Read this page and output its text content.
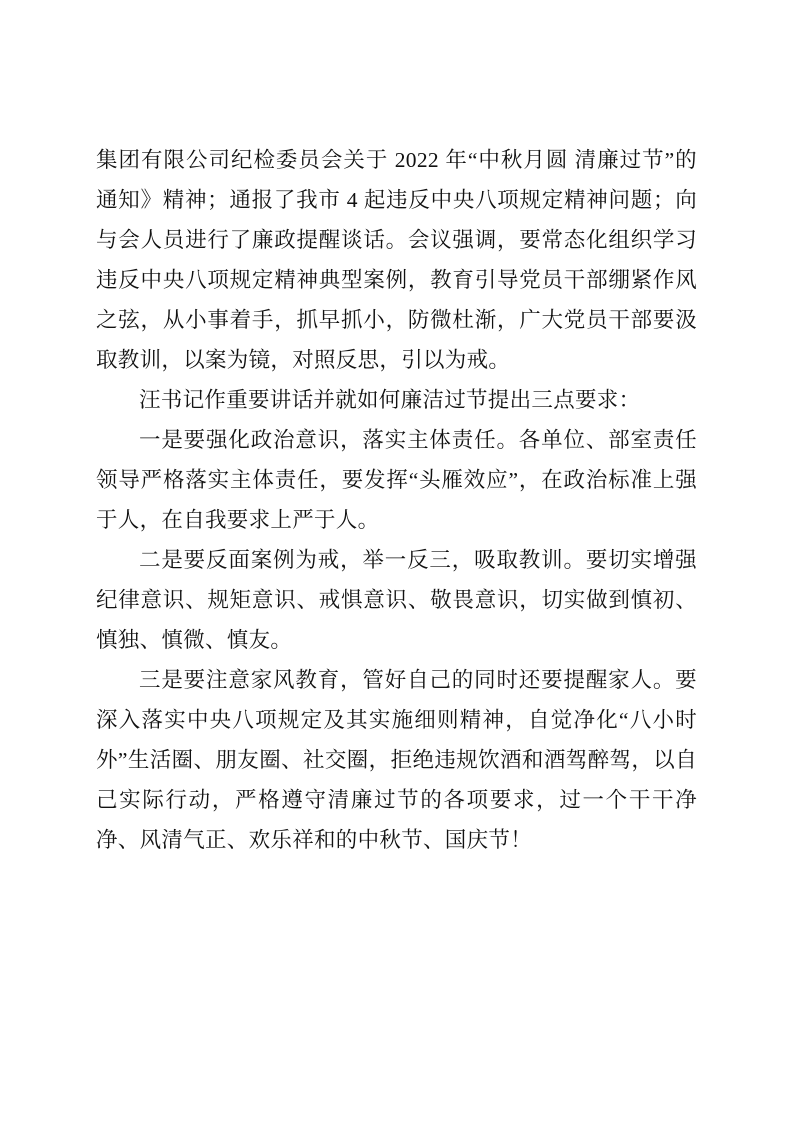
集团有限公司纪检委员会关于 2022 年“中秋月圆 清廉过节”的通知》精神；通报了我市 4 起违反中央八项规定精神问题；向与会人员进行了廉政提醒谈话。会议强调，要常态化组织学习违反中央八项规定精神典型案例，教育引导党员干部绷紧作风之弦，从小事着手，抓早抓小，防微杜渐，广大党员干部要汲取教训，以案为镜，对照反思，引以为戒。

汪书记作重要讲话并就如何廉洁过节提出三点要求：

一是要强化政治意识，落实主体责任。各单位、部室责任领导严格落实主体责任，要发挥“头雁效应”，在政治标准上强于人，在自我要求上严于人。

二是要反面案例为戒，举一反三，吸取教训。要切实增强纪律意识、规矩意识、戒惧意识、敬畏意识，切实做到慎初、慎独、慎微、慎友。

三是要注意家风教育，管好自己的同时还要提醒家人。要深入落实中央八项规定及其实施细则精神，自觉净化“八小时外”生活圈、朋友圈、社交圈，拒绝违规饮酒和酒驾醉驾，以自己实际行动，严格遵守清廉过节的各项要求，过一个干干净净、风清气正、欢乐祥和的中秋节、国庆节！
